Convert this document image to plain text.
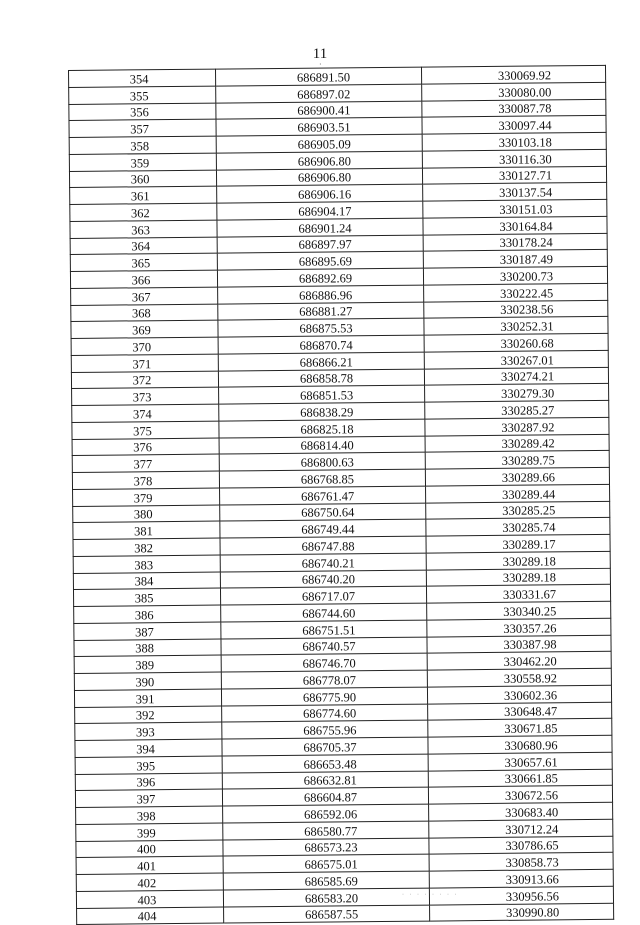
11
·
354	686891.50	330069.92
355	686897.02	330080.00
356	686900.41	330087.78
357	686903.51	330097.44
358	686905.09	330103.18
359	686906.80	330116.30
360	686906.80	330127.71
361	686906.16	330137.54
362	686904.17	330151.03
363	686901.24	330164.84
364	686897.97	330178.24
365	686895.69	330187.49
366	686892.69	330200.73
367	686886.96	330222.45
368	686881.27	330238.56
369	686875.53	330252.31
370	686870.74	330260.68
371	686866.21	330267.01
372	686858.78	330274.21
373	686851.53	330279.30
374	686838.29	330285.27
375	686825.18	330287.92
376	686814.40	330289.42
377	686800.63	330289.75
378	686768.85	330289.66
379	686761.47	330289.44
380	686750.64	330285.25
381	686749.44	330285.74
382	686747.88	330289.17
383	686740.21	330289.18
384	686740.20	330289.18
385	686717.07	330331.67
386	686744.60	330340.25
387	686751.51	330357.26
388	686740.57	330387.98
389	686746.70	330462.20
390	686778.07	330558.92
391	686775.90	330602.36
392	686774.60	330648.47
393	686755.96	330671.85
394	686705.37	330680.96
395	686653.48	330657.61
396	686632.81	330661.85
397	686604.87	330672.56
398	686592.06	330683.40
399	686580.77	330712.24
400	686573.23	330786.65
401	686575.01	330858.73
402	686585.69	330913.66
403	686583.20	330956.56
404	686587.55	330990.80
· · · · · · · ·
